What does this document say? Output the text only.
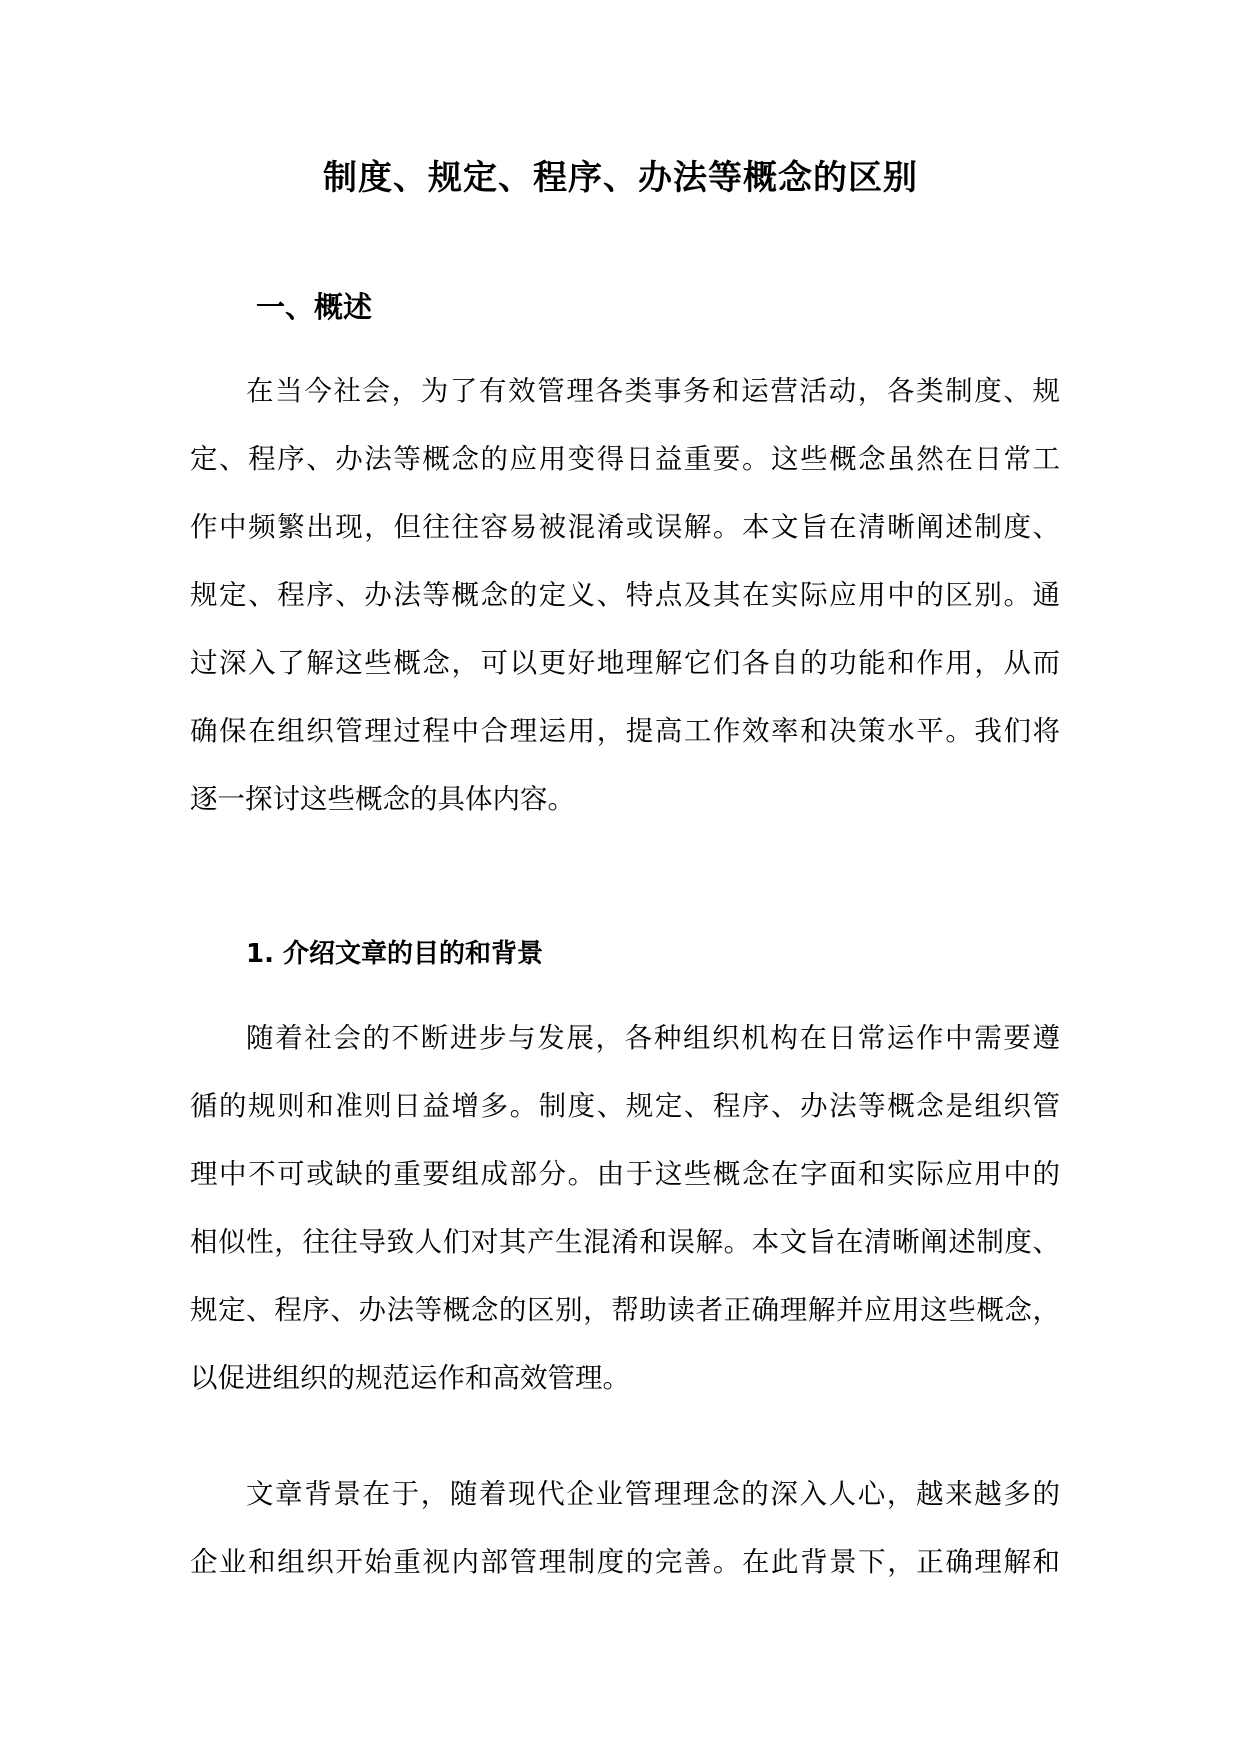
制度、规定、程序、办法等概念的区别
一、概述
在当今社会，为了有效管理各类事务和运营活动，各类制度、规
定、程序、办法等概念的应用变得日益重要。这些概念虽然在日常工
作中频繁出现，但往往容易被混淆或误解。本文旨在清晰阐述制度、
规定、程序、办法等概念的定义、特点及其在实际应用中的区别。通
过深入了解这些概念，可以更好地理解它们各自的功能和作用，从而
确保在组织管理过程中合理运用，提高工作效率和决策水平。我们将
逐一探讨这些概念的具体内容。
1. 介绍文章的目的和背景
随着社会的不断进步与发展，各种组织机构在日常运作中需要遵
循的规则和准则日益增多。制度、规定、程序、办法等概念是组织管
理中不可或缺的重要组成部分。由于这些概念在字面和实际应用中的
相似性，往往导致人们对其产生混淆和误解。本文旨在清晰阐述制度、
规定、程序、办法等概念的区别，帮助读者正确理解并应用这些概念，
以促进组织的规范运作和高效管理。
文章背景在于，随着现代企业管理理念的深入人心，越来越多的
企业和组织开始重视内部管理制度的完善。在此背景下，正确理解和
